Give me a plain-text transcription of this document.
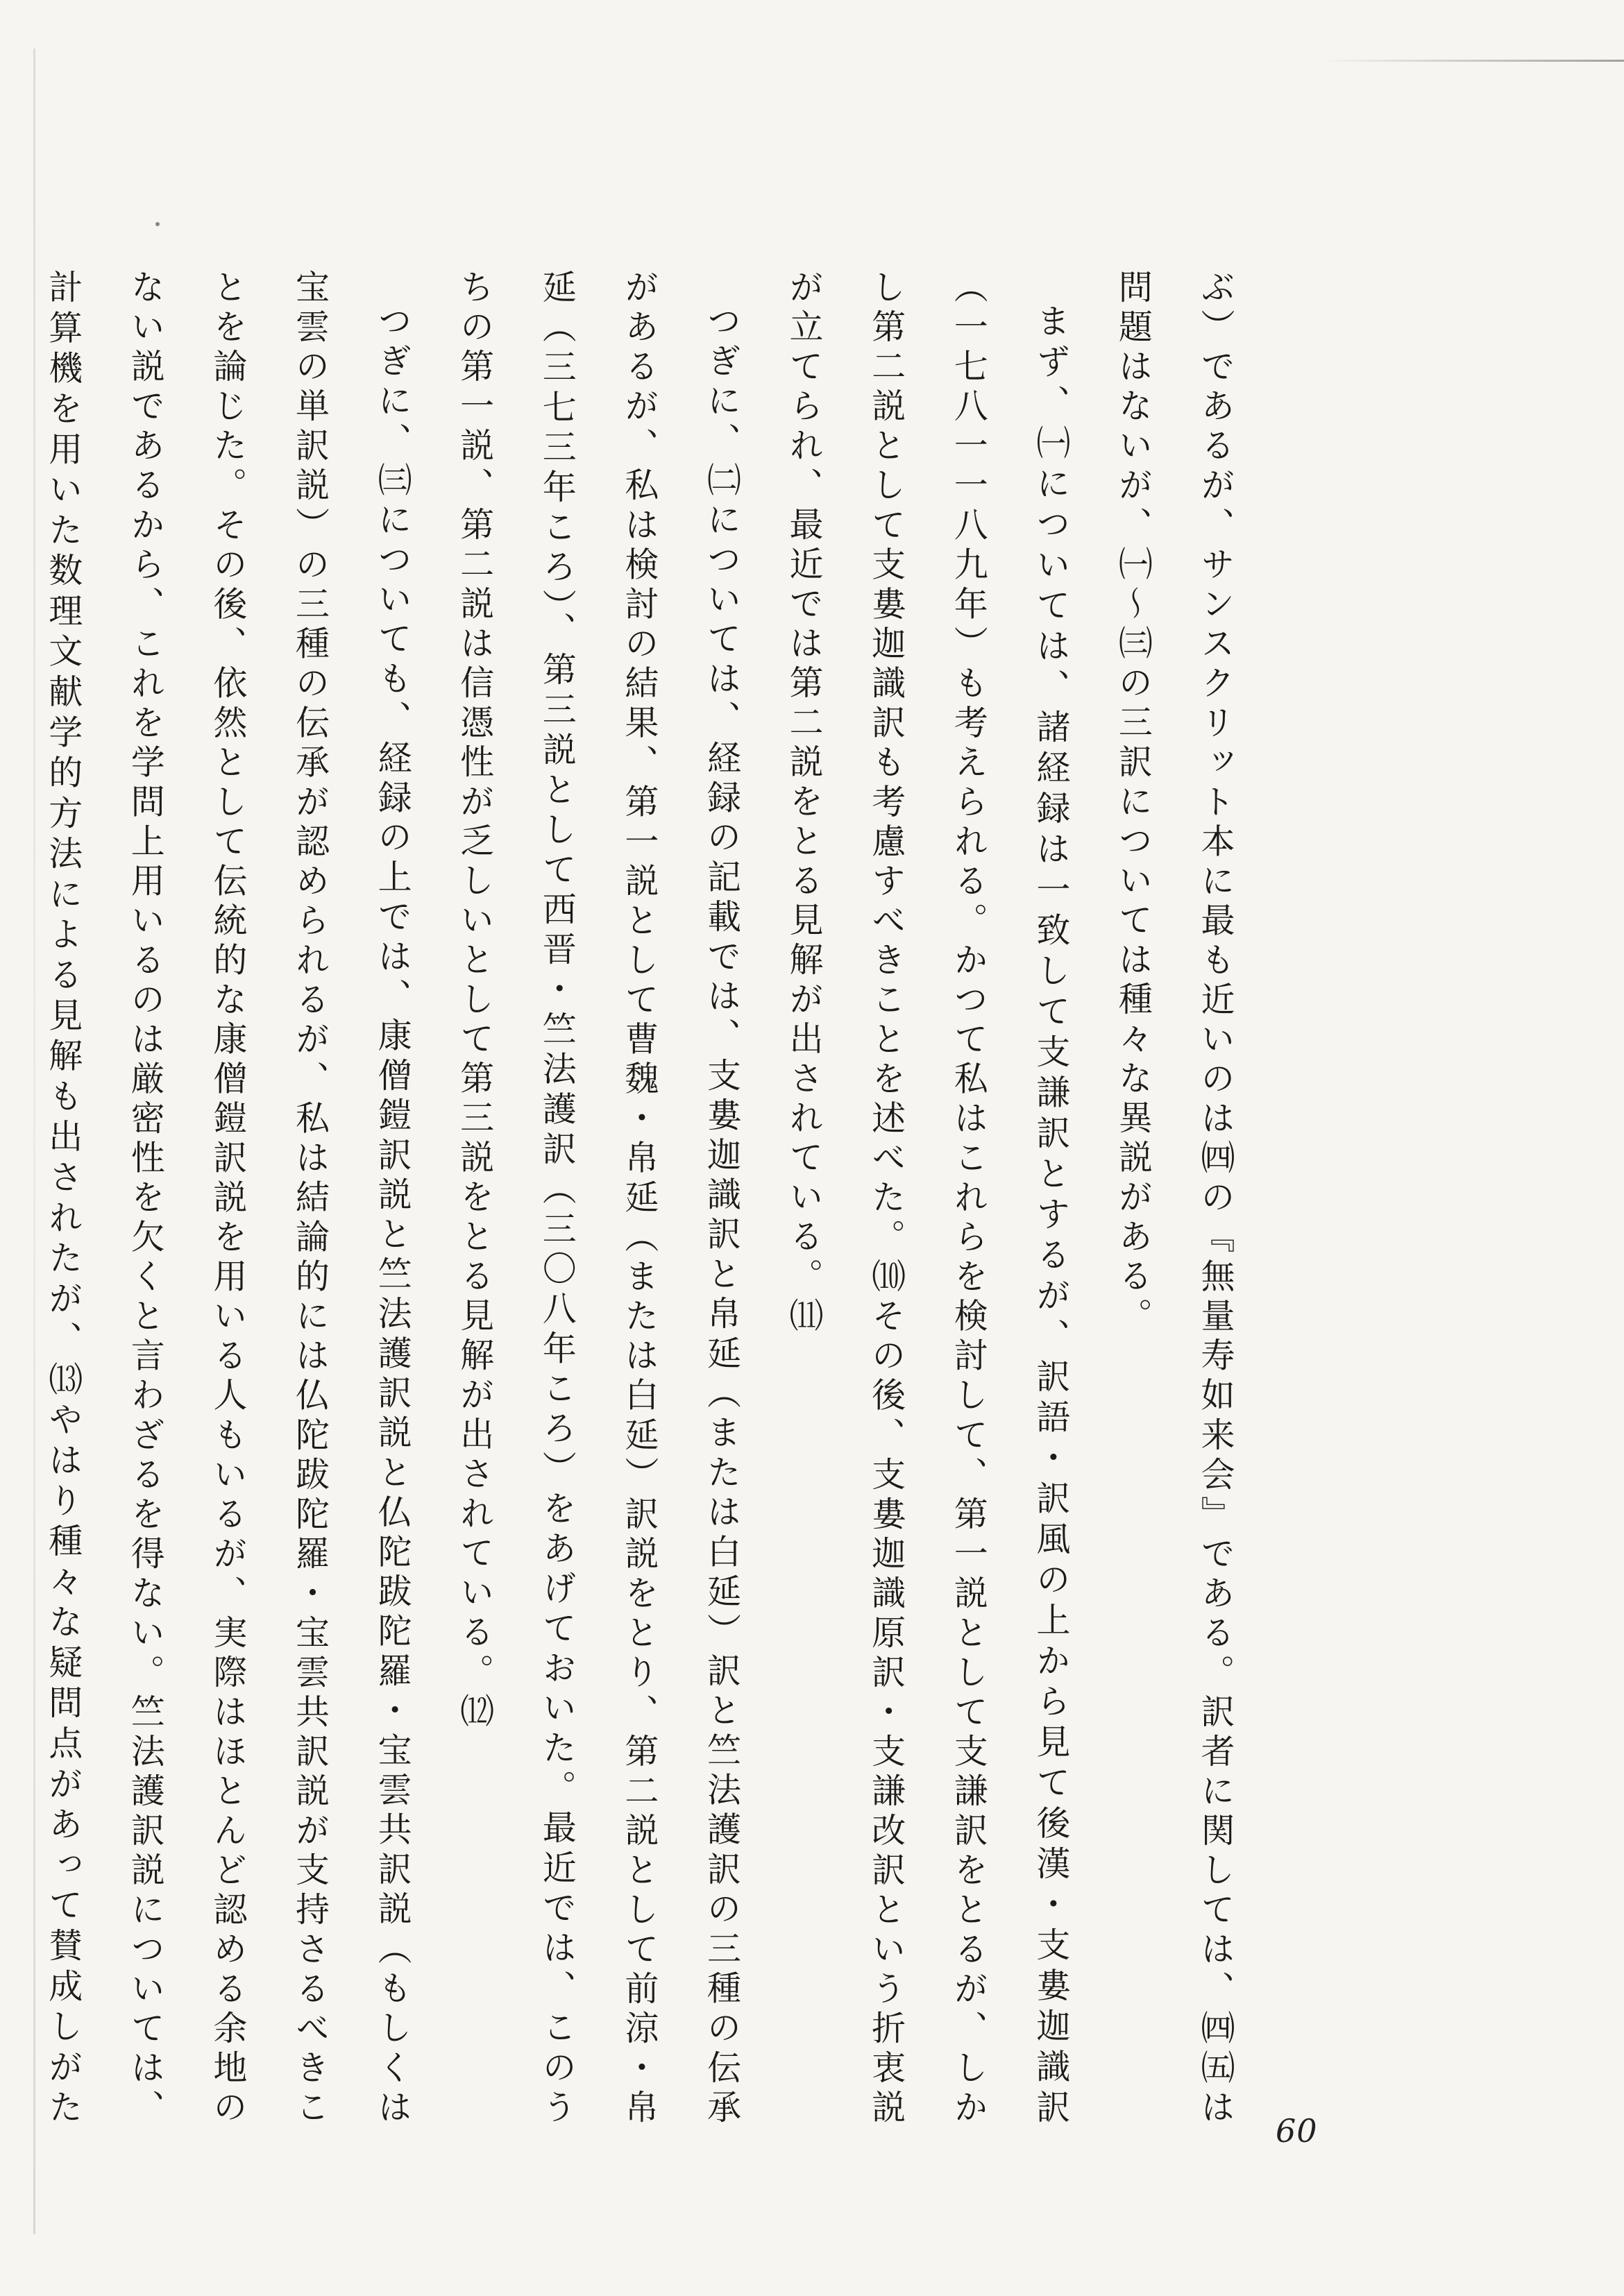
ぶ）であるが、サンスクリット本に最も近いのは㈣の『無量寿如来会』である。訳者に関しては、㈣㈤は問題はないが、㈠〜㈢の三訳については種々な異説がある。

まず、㈠については、諸経録は一致して支謙訳とするが、訳語・訳風の上から見て後漢・支婁迦識訳（一七八一一八九年）も考えられる。かつて私はこれらを検討して、第一説として支謙訳をとるが、しかし第二説として支婁迦識訳も考慮すべきことを述べた。⑽その後、支婁迦識原訳・支謙改訳という折衷説が立てられ、最近では第二説をとる見解が出されている。⑾

つぎに、㈡については、経録の記載では、支婁迦識訳と帛延（または白延）訳と竺法護訳の三種の伝承があるが、私は検討の結果、第一説として曹魏・帛延（または白延）訳説をとり、第二説として前涼・帛延（三七三年ころ）、第三説として西晋・竺法護訳（三〇八年ころ）をあげておいた。最近では、このうちの第一説、第二説は信憑性が乏しいとして第三説をとる見解が出されている。⑿

つぎに、㈢についても、経録の上では、康僧鎧訳説と竺法護訳説と仏陀跋陀羅・宝雲共訳説（もしくは宝雲の単訳説）の三種の伝承が認められるが、私は結論的には仏陀跋陀羅・宝雲共訳説が支持さるべきことを論じた。その後、依然として伝統的な康僧鎧訳説を用いる人もいるが、実際はほとんど認める余地のない説であるから、これを学問上用いるのは厳密性を欠くと言わざるを得ない。竺法護訳説については、計算機を用いた数理文献学的方法による見解も出されたが、⒀やはり種々な疑問点があって賛成しがた

60
